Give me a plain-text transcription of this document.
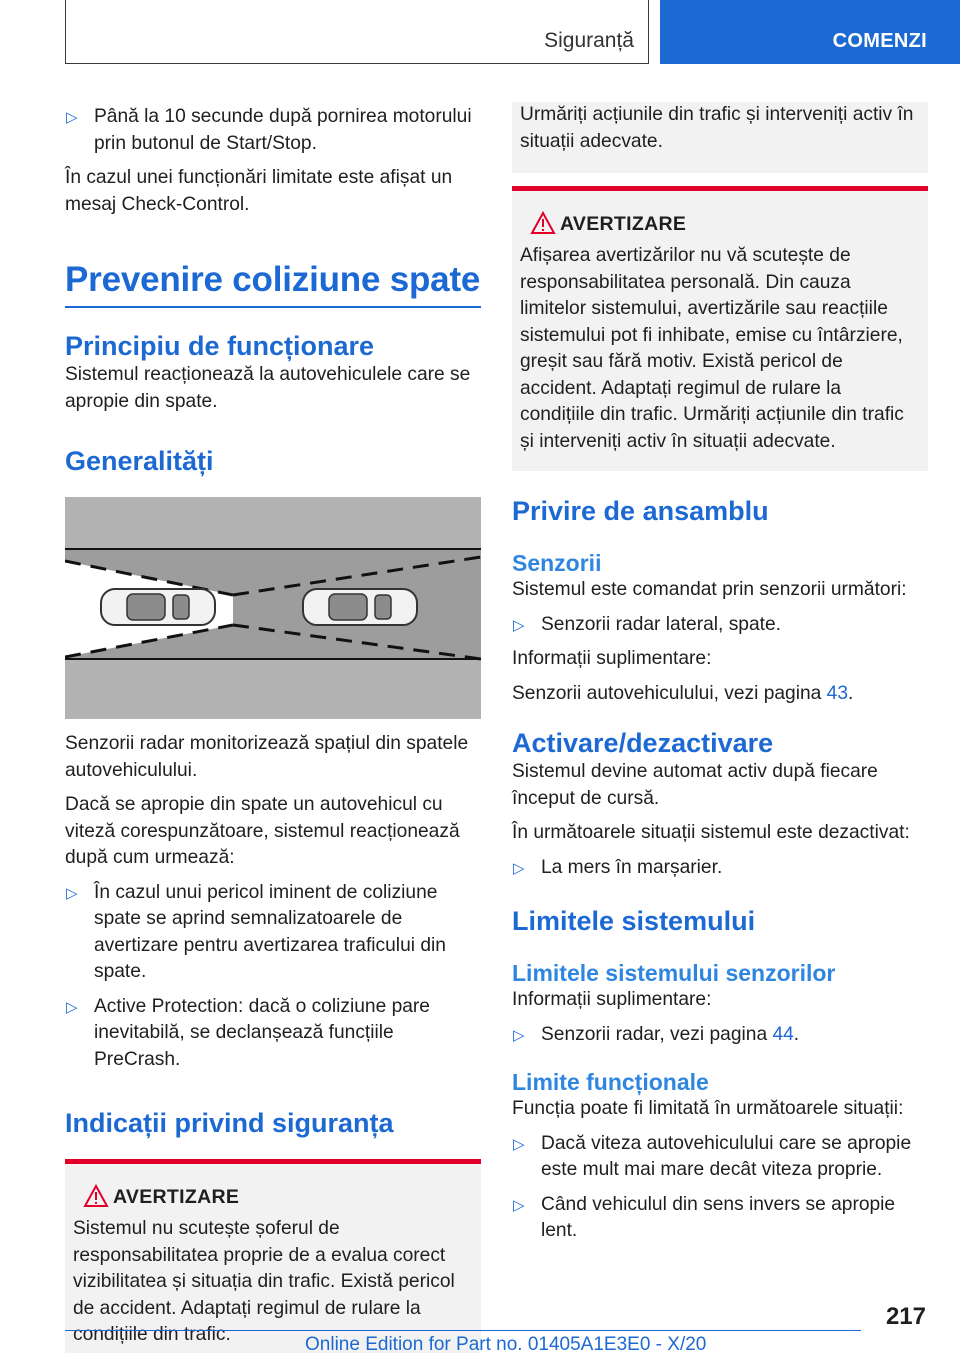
Siguranță	COMENZI
▷ Până la 10 secunde după pornirea motorului prin butonul de Start/Stop.

În cazul unei funcționări limitate este afișat un mesaj Check-Control.

Prevenire coliziune spate
Principiu de funcționare

Sistemul reacționează la autovehiculele care se apropie din spate.

Generalități

Senzorii radar monitorizează spațiul din spatele autovehiculului.

Dacă se apropie din spate un autovehicul cu viteză corespunzătoare, sistemul reacționează după cum urmează:

▷ În cazul unui pericol iminent de coliziune spate se aprind semnalizatoarele de avertizare pentru avertizarea traficului din spate.
▷ Active Protection: dacă o coliziune pare inevitabilă, se declanșează funcțiile PreCrash.
Indicații privind siguranța
AVERTIZARE

Sistemul nu scutește șoferul de responsabilitatea proprie de a evalua corect vizibilitatea și situația din trafic. Există pericol de accident. Adaptați regimul de rulare la condițiile din trafic.

Urmăriți acțiunile din trafic și interveniți activ în situații adecvate.

AVERTIZARE

Afișarea avertizărilor nu vă scutește de responsabilitatea personală. Din cauza limitelor sistemului, avertizările sau reacțiile sistemului pot fi inhibate, emise cu întârziere, greșit sau fără motiv. Există pericol de accident. Adaptați regimul de rulare la condițiile din trafic. Urmăriți acțiunile din trafic și interveniți activ în situații adecvate.

Privire de ansamblu
Senzorii

Sistemul este comandat prin senzorii următori:

▷ Senzorii radar lateral, spate.

Informații suplimentare:

Senzorii autovehiculului, vezi pagina 43.

Activare/dezactivare

Sistemul devine automat activ după fiecare început de cursă.

În următoarele situații sistemul este dezactivat:

▷ La mers în marșarier.
Limitele sistemului
Limitele sistemului senzorilor

Informații suplimentare:

▷ Senzorii radar, vezi pagina 44.
Limite funcționale

Funcția poate fi limitată în următoarele situații:

▷ Dacă viteza autovehiculului care se apropie este mult mai mare decât viteza proprie.
▷ Când vehiculul din sens invers se apropie lent.
217
Online Edition for Part no. 01405A1E3E0 - X/20
